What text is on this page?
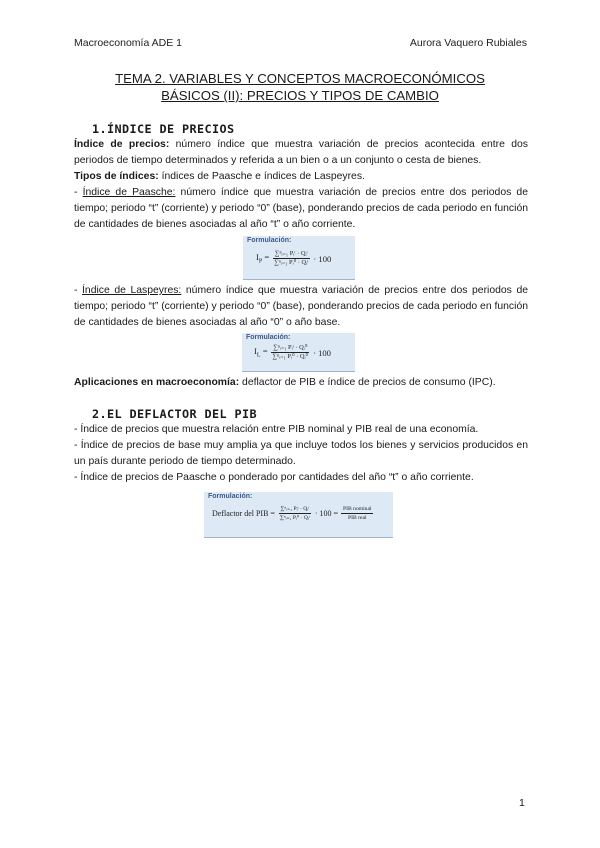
Macroeconomía ADE 1	Aurora Vaquero Rubiales
TEMA 2. VARIABLES Y CONCEPTOS MACROECONÓMICOS
BÁSICOS (II): PRECIOS Y TIPOS DE CAMBIO
1.ÍNDICE DE PRECIOS
Índice de precios: número índice que muestra variación de precios acontecida entre dos periodos de tiempo determinados y referida a un bien o a un conjunto o cesta de bienes.
Tipos de índices: índices de Paasche e índices de Laspeyres.
- Índice de Paasche: número índice que muestra variación de precios entre dos periodos de tiempo; periodo “t” (corriente) y periodo “0” (base), ponderando precios de cada periodo en función de cantidades de bienes asociadas al año “t” o año corriente.
Formulación:
$I_P = \frac{\text{∑ⁿᵢ₌₁ Pᵢᵗ · Qᵢᵗ}}{\text{∑ⁿᵢ₌₁ Pᵢ⁰ · Qᵢᵗ}} \cdot 100$
- Índice de Laspeyres: número índice que muestra variación de precios entre dos periodos de tiempo; periodo “t” (corriente) y periodo “0” (base), ponderando precios de cada periodo en función de cantidades de bienes asociadas al año “0” o año base.
Formulación:
$I_L = \frac{\text{∑ⁿᵢ₌₁ Pᵢᵗ · Qᵢ⁰}}{\text{∑ⁿᵢ₌₁ Pᵢ⁰ · Qᵢ⁰}} \cdot 100$
Aplicaciones en macroeconomía: deflactor de PIB e índice de precios de consumo (IPC).
2.EL DEFLACTOR DEL PIB
- Índice de precios que muestra relación entre PIB nominal y PIB real de una economía.
- Índice de precios de base muy amplia ya que incluye todos los bienes y servicios producidos en un país durante periodo de tiempo determinado.
- Índice de precios de Paasche o ponderado por cantidades del año “t” o año corriente.
Formulación:
Deflactor del PIB = $\frac{\text{∑ⁿᵢ₌₁ Pᵢᵗ · Qᵢᵗ}}{\text{∑ⁿᵢ₌₁ Pᵢ⁰ · Qᵢᵗ}} \cdot 100 = \frac{\text{PIB nominal}}{\text{PIB real}}$
1
